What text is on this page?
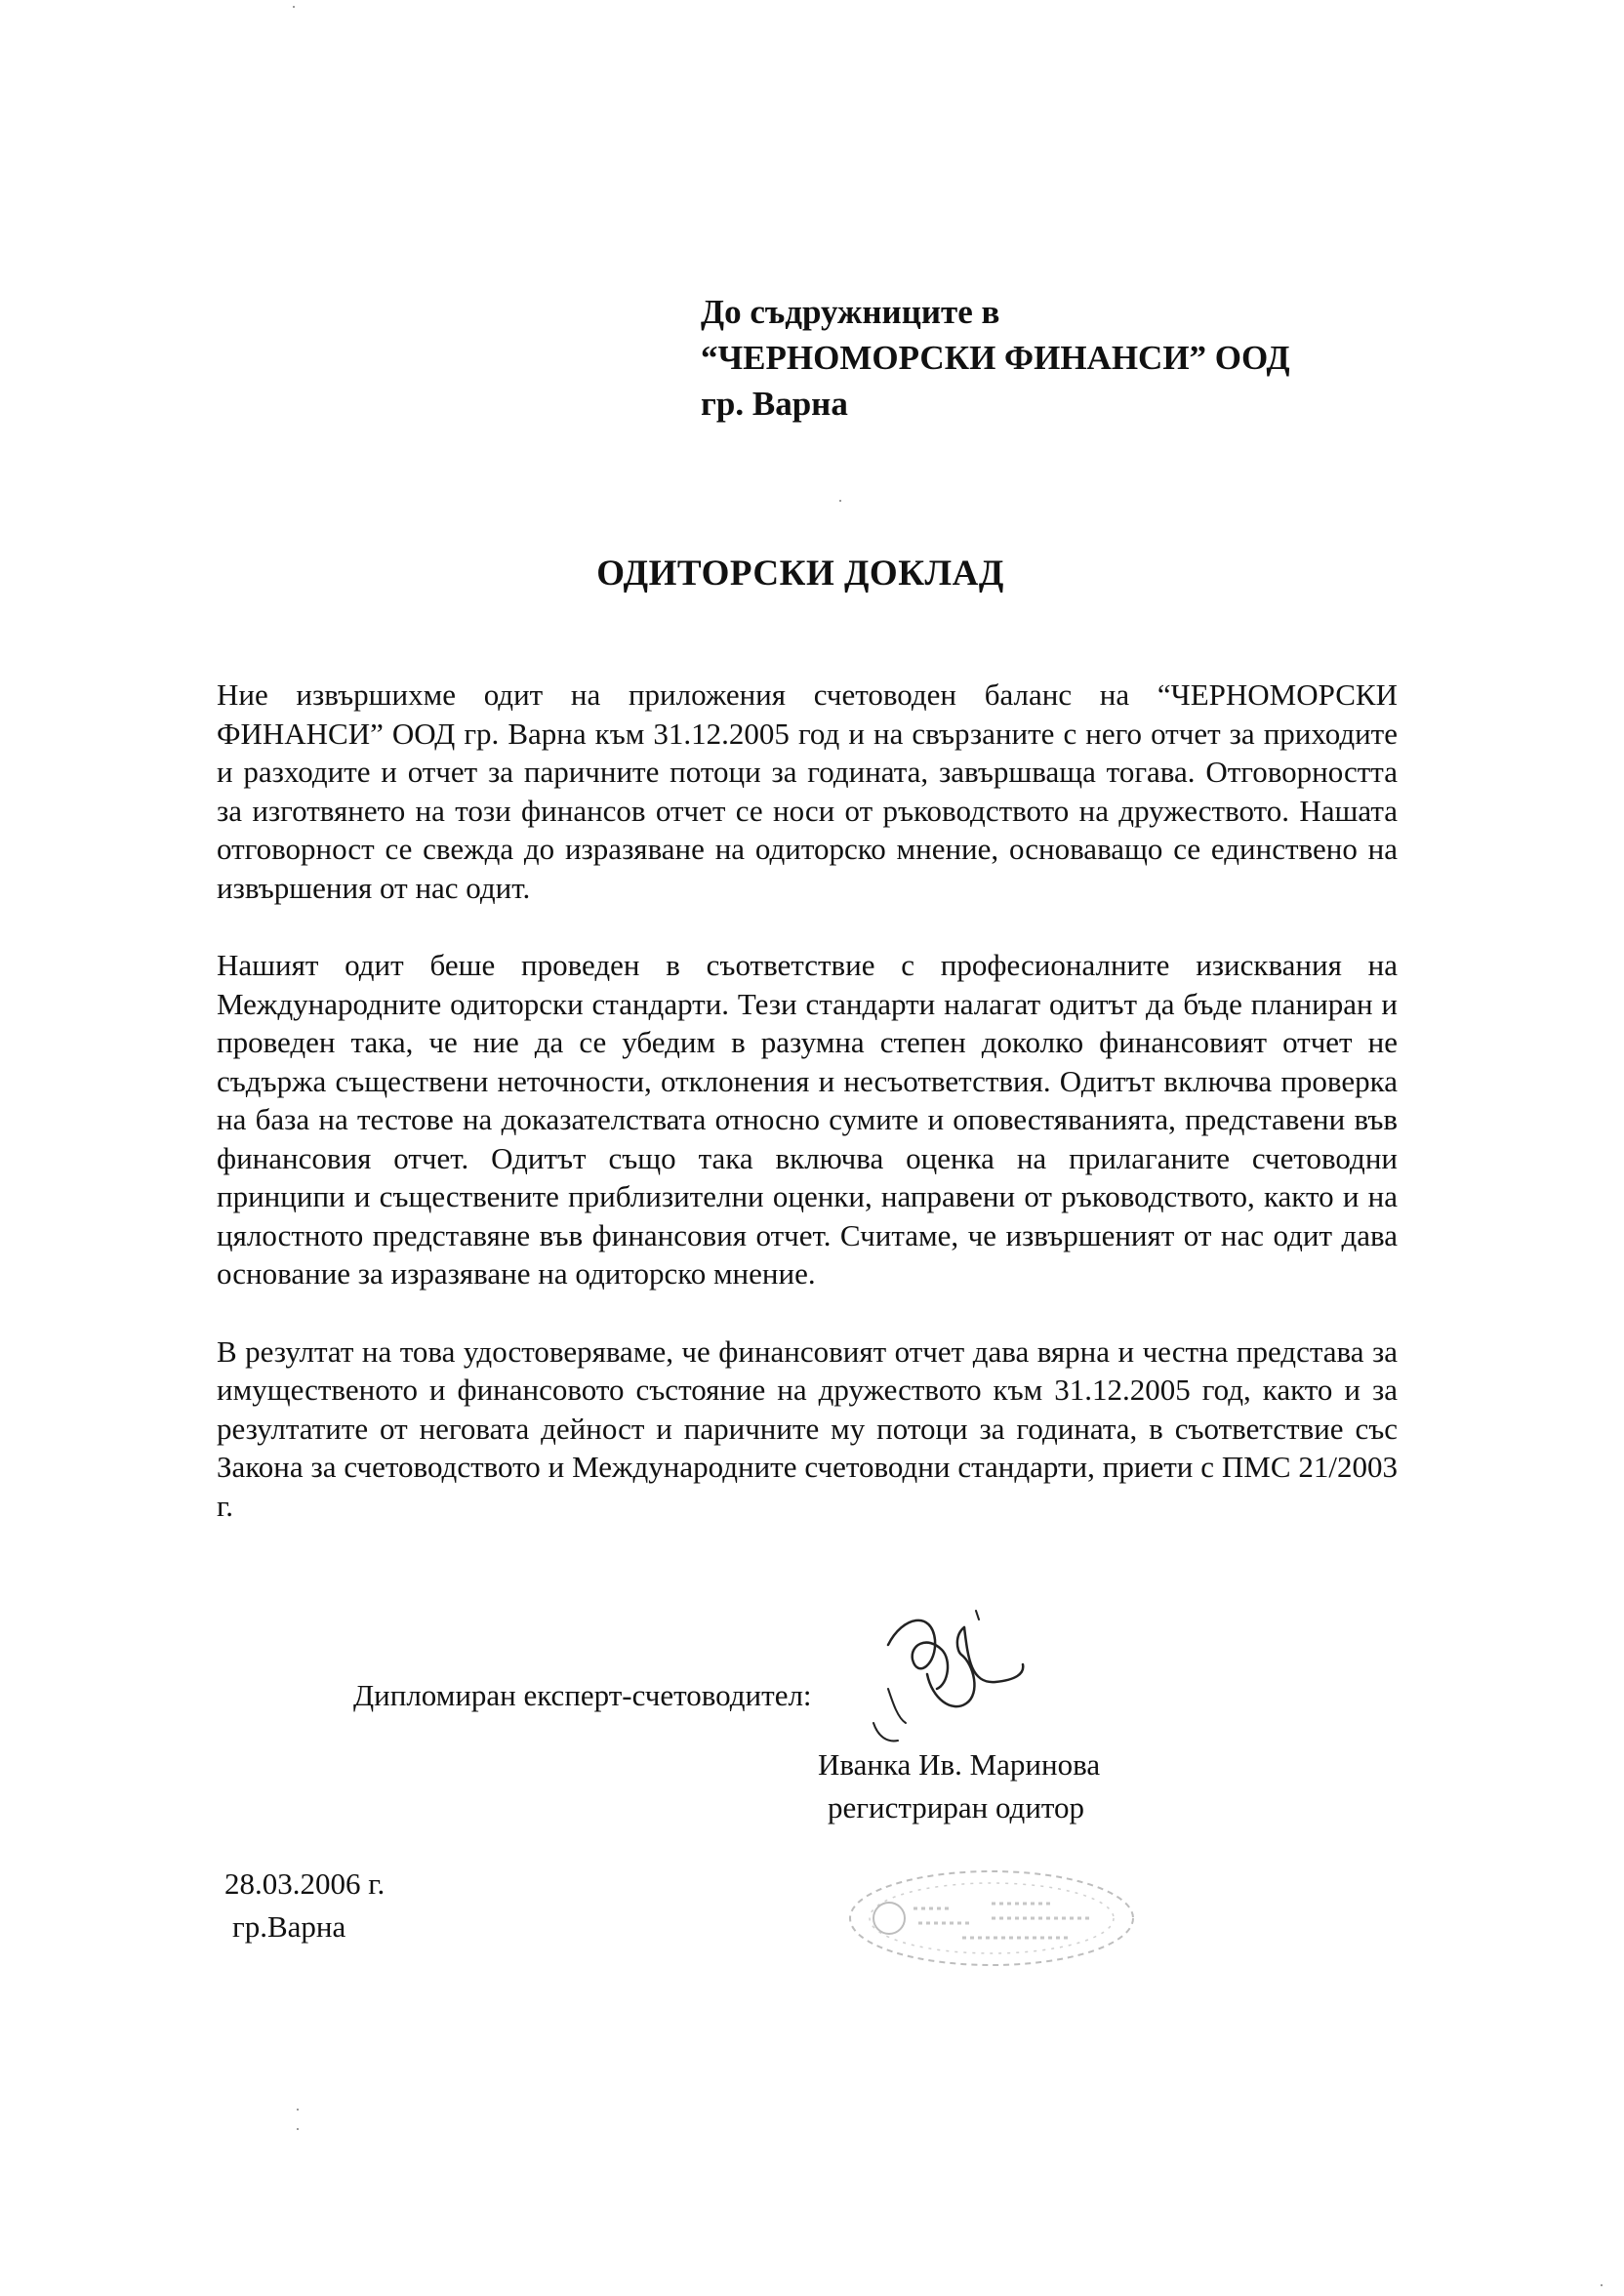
До съдружниците в
“ЧЕРНОМОРСКИ ФИНАНСИ” ООД
гр. Варна
ОДИТОРСКИ ДОКЛАД

Ние извършихме одит на приложения счетоводен баланс на “ЧЕРНОМОРСКИ ФИНАНСИ” ООД гр. Варна към 31.12.2005 год и на свързаните с него отчет за приходите и разходите и отчет за паричните потоци за годината, завършваща тогава. Отговорността за изготвянето на този финансов отчет се носи от ръководството на дружеството. Нашата отговорност се свежда до изразяване на одиторско мнение, основаващо се единствено на извършения от нас одит.

Нашият одит беше проведен в съответствие с професионалните изисквания на Международните одиторски стандарти. Тези стандарти налагат одитът да бъде планиран и проведен така, че ние да се убедим в разумна степен доколко финансовият отчет не съдържа съществени неточности, отклонения и несъответствия. Одитът включва проверка на база на тестове на доказателствата относно сумите и оповестяванията, представени във финансовия отчет. Одитът също така включва оценка на прилаганите счетоводни принципи и съществените приблизителни оценки, направени от ръководството, както и на цялостното представяне във финансовия отчет. Считаме, че извършеният от нас одит дава основание за изразяване на одиторско мнение.

В резултат на това удостоверяваме, че финансовият отчет дава вярна и честна представа за имущественото и финансовото състояние на дружеството към 31.12.2005 год, както и за резултатите от неговата дейност и паричните му потоци за годината, в съответствие със Закона за счетоводството и Международните счетоводни стандарти, приети с ПМС 21/2003 г.

Дипломиран експерт-счетоводител:
Иванка Ив. Маринова
регистриран одитор
28.03.2006 г.
гр.Варна
